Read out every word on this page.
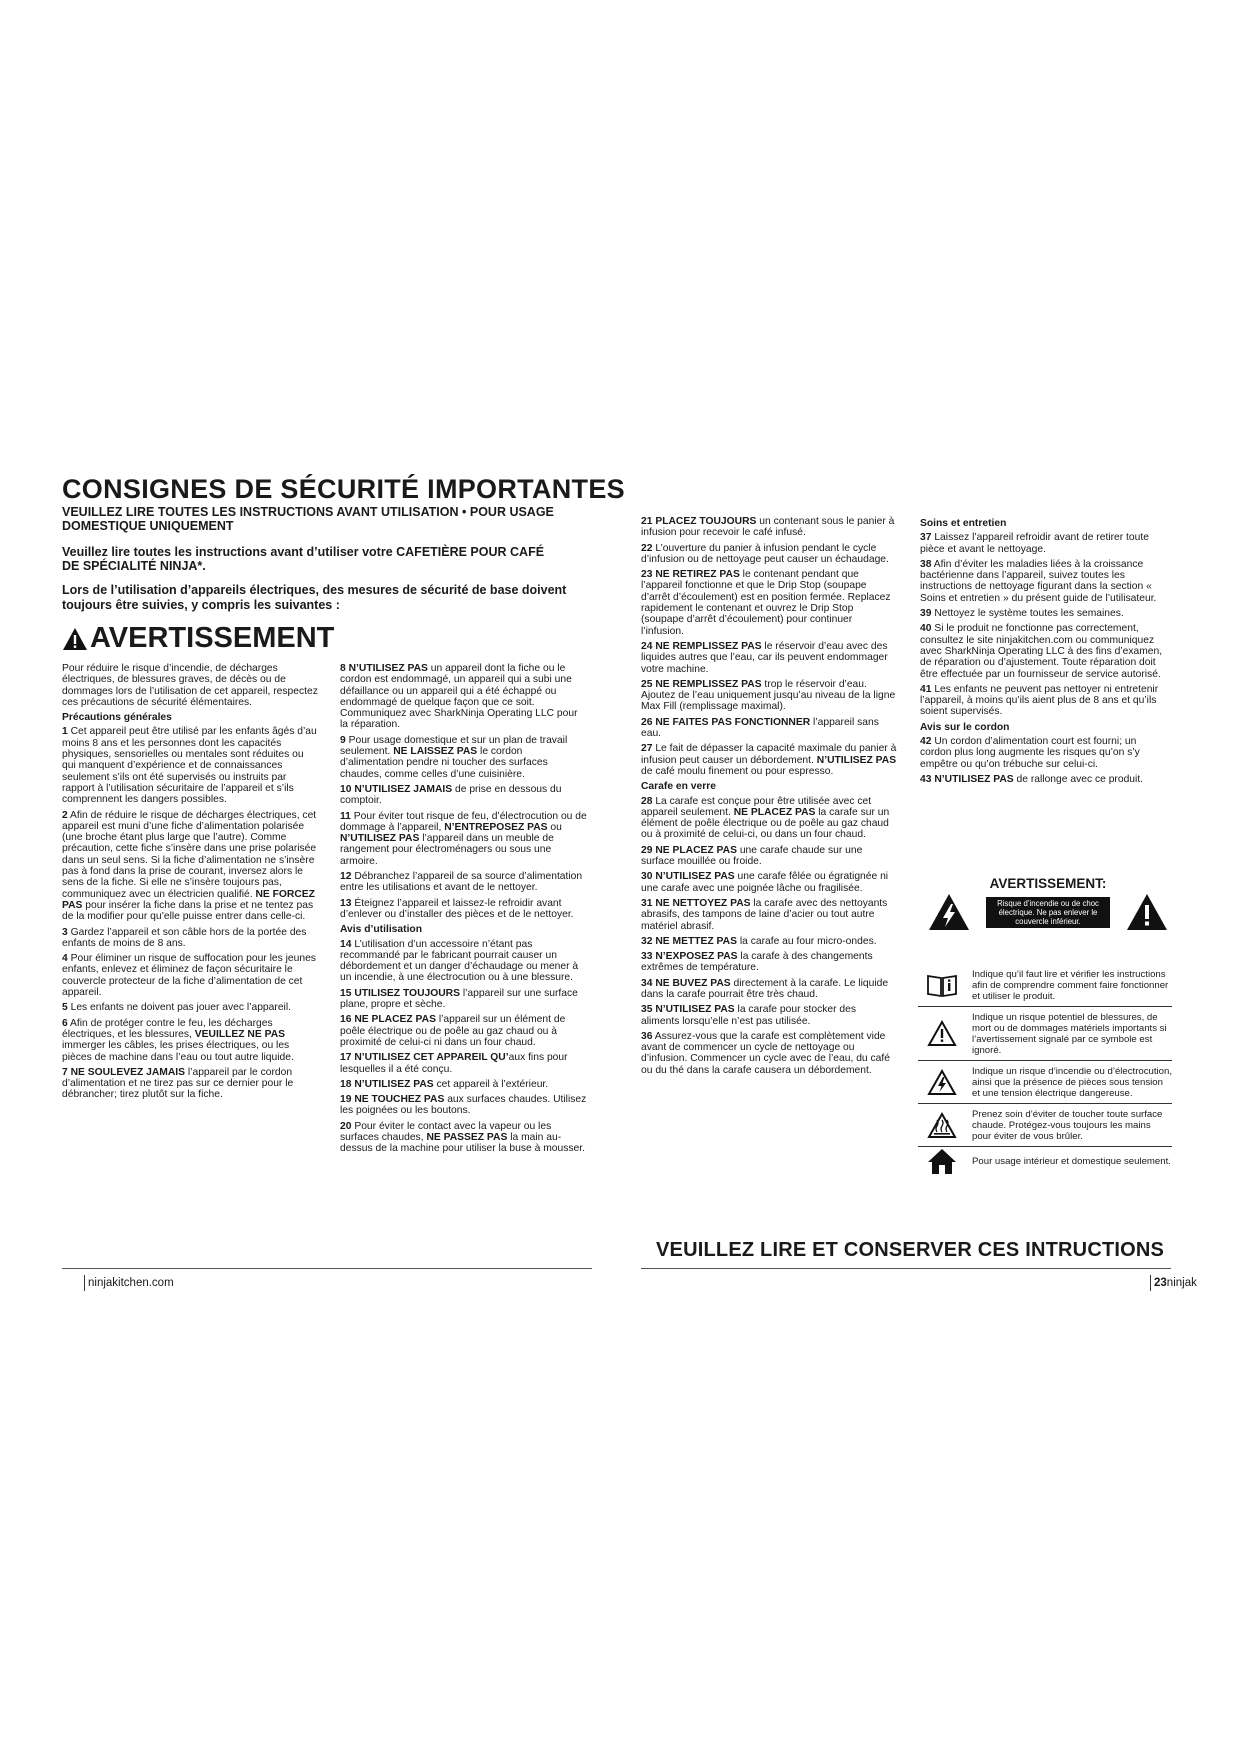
CONSIGNES DE SÉCURITÉ IMPORTANTES

VEUILLEZ LIRE TOUTES LES INSTRUCTIONS AVANT UTILISATION • POUR USAGE DOMESTIQUE UNIQUEMENT

Veuillez lire toutes les instructions avant d’utiliser votre CAFETIÈRE POUR CAFÉ DE SPÉCIALITÉ NINJA*.

Lors de l’utilisation d’appareils électriques, des mesures de sécurité de base doivent toujours être suivies, y compris les suivantes :

AVERTISSEMENT

Pour réduire le risque d’incendie, de décharges électriques, de blessures graves, de décès ou de dommages lors de l’utilisation de cet appareil, respectez ces précautions de sécurité élémentaires.

Précautions générales

1 Cet appareil peut être utilisé par les enfants âgés d’au moins 8 ans et les personnes dont les capacités physiques, sensorielles ou mentales sont réduites ou qui manquent d’expérience et de connaissances seulement s’ils ont été supervisés ou instruits par rapport à l’utilisation sécuritaire de l’appareil et s’ils comprennent les dangers possibles.

2 Afin de réduire le risque de décharges électriques, cet appareil est muni d’une fiche d’alimentation polarisée (une broche étant plus large que l’autre). Comme précaution, cette fiche s’insère dans une prise polarisée dans un seul sens. Si la fiche d’alimentation ne s’insère pas à fond dans la prise de courant, inversez alors le sens de la fiche. Si elle ne s’insère toujours pas, communiquez avec un électricien qualifié. NE FORCEZ PAS pour insérer la fiche dans la prise et ne tentez pas de la modifier pour qu’elle puisse entrer dans celle-ci.

3 Gardez l’appareil et son câble hors de la portée des enfants de moins de 8 ans.

4 Pour éliminer un risque de suffocation pour les jeunes enfants, enlevez et éliminez de façon sécuritaire le couvercle protecteur de la fiche d’alimentation de cet appareil.

5 Les enfants ne doivent pas jouer avec l’appareil.

6 Afin de protéger contre le feu, les décharges électriques, et les blessures, VEUILLEZ NE PAS immerger les câbles, les prises électriques, ou les pièces de machine dans l’eau ou tout autre liquide.

7 NE SOULEVEZ JAMAIS l’appareil par le cordon d’alimentation et ne tirez pas sur ce dernier pour le débrancher; tirez plutôt sur la fiche.

8 N’UTILISEZ PAS un appareil dont la fiche ou le cordon est endommagé, un appareil qui a subi une défaillance ou un appareil qui a été échappé ou endommagé de quelque façon que ce soit. Communiquez avec SharkNinja Operating LLC pour la réparation.

9 Pour usage domestique et sur un plan de travail seulement. NE LAISSEZ PAS le cordon d’alimentation pendre ni toucher des surfaces chaudes, comme celles d’une cuisinière.

10 N’UTILISEZ JAMAIS de prise en dessous du comptoir.

11 Pour éviter tout risque de feu, d’électrocution ou de dommage à l’appareil, N’ENTREPOSEZ PAS ou N’UTILISEZ PAS l’appareil dans un meuble de rangement pour électroménagers ou sous une armoire.

12 Débranchez l’appareil de sa source d’alimentation entre les utilisations et avant de le nettoyer.

13 Éteignez l’appareil et laissez-le refroidir avant d’enlever ou d’installer des pièces et de le nettoyer.

Avis d’utilisation

14 L’utilisation d’un accessoire n’étant pas recommandé par le fabricant pourrait causer un débordement et un danger d’échaudage ou mener à un incendie, à une électrocution ou à une blessure.

15 UTILISEZ TOUJOURS l’appareil sur une surface plane, propre et sèche.

16 NE PLACEZ PAS l’appareil sur un élément de poêle électrique ou de poêle au gaz chaud ou à proximité de celui-ci ni dans un four chaud.

17 N’UTILISEZ CET APPAREIL QU’aux fins pour lesquelles il a été conçu.

18 N’UTILISEZ PAS cet appareil à l’extérieur.

19 NE TOUCHEZ PAS aux surfaces chaudes. Utilisez les poignées ou les boutons.

20 Pour éviter le contact avec la vapeur ou les surfaces chaudes, NE PASSEZ PAS la main au-dessus de la machine pour utiliser la buse à mousser.

21 PLACEZ TOUJOURS un contenant sous le panier à infusion pour recevoir le café infusé.

22 L’ouverture du panier à infusion pendant le cycle d’infusion ou de nettoyage peut causer un échaudage.

23 NE RETIREZ PAS le contenant pendant que l’appareil fonctionne et que le Drip Stop (soupape d’arrêt d’écoulement) est en position fermée. Replacez rapidement le contenant et ouvrez le Drip Stop (soupape d’arrêt d’écoulement) pour continuer l’infusion.

24 NE REMPLISSEZ PAS le réservoir d’eau avec des liquides autres que l’eau, car ils peuvent endommager votre machine.

25 NE REMPLISSEZ PAS trop le réservoir d’eau. Ajoutez de l’eau uniquement jusqu’au niveau de la ligne Max Fill (remplissage maximal).

26 NE FAITES PAS FONCTIONNER l’appareil sans eau.

27 Le fait de dépasser la capacité maximale du panier à infusion peut causer un débordement. N’UTILISEZ PAS de café moulu finement ou pour espresso.

Carafe en verre

28 La carafe est conçue pour être utilisée avec cet appareil seulement. NE PLACEZ PAS la carafe sur un élément de poêle électrique ou de poêle au gaz chaud ou à proximité de celui-ci, ou dans un four chaud.

29 NE PLACEZ PAS une carafe chaude sur une surface mouillée ou froide.

30 N’UTILISEZ PAS une carafe fêlée ou égratignée ni une carafe avec une poignée lâche ou fragilisée.

31 NE NETTOYEZ PAS la carafe avec des nettoyants abrasifs, des tampons de laine d’acier ou tout autre matériel abrasif.

32 NE METTEZ PAS la carafe au four micro-ondes.

33 N’EXPOSEZ PAS la carafe à des changements extrêmes de température.

34 NE BUVEZ PAS directement à la carafe. Le liquide dans la carafe pourrait être très chaud.

35 N’UTILISEZ PAS la carafe pour stocker des aliments lorsqu’elle n’est pas utilisée.

36 Assurez-vous que la carafe est complètement vide avant de commencer un cycle de nettoyage ou d’infusion. Commencer un cycle avec de l’eau, du café ou du thé dans la carafe causera un débordement.

Soins et entretien

37 Laissez l’appareil refroidir avant de retirer toute pièce et avant le nettoyage.

38 Afin d’éviter les maladies liées à la croissance bactérienne dans l’appareil, suivez toutes les instructions de nettoyage figurant dans la section « Soins et entretien » du présent guide de l’utilisateur.

39 Nettoyez le système toutes les semaines.

40 Si le produit ne fonctionne pas correctement, consultez le site ninjakitchen.com ou communiquez avec SharkNinja Operating LLC à des fins d’examen, de réparation ou d’ajustement. Toute réparation doit être effectuée par un fournisseur de service autorisé.

41 Les enfants ne peuvent pas nettoyer ni entretenir l’appareil, à moins qu’ils aient plus de 8 ans et qu’ils soient supervisés.

Avis sur le cordon

42 Un cordon d’alimentation court est fourni; un cordon plus long augmente les risques qu’on s’y empêtre ou qu’on trébuche sur celui-ci.

43 N’UTILISEZ PAS de rallonge avec ce produit.

AVERTISSEMENT:

Risque d’incendie ou de choc électrique. Ne pas enlever le couvercle inférieur.
Indique qu’il faut lire et vérifier les instructions afin de comprendre comment faire fonctionner et utiliser le produit.
Indique un risque potentiel de blessures, de mort ou de dommages matériels importants si l’avertissement signalé par ce symbole est ignoré.
Indique un risque d’incendie ou d’électrocution, ainsi que la présence de pièces sous tension et une tension électrique dangereuse.
Prenez soin d’éviter de toucher toute surface chaude. Protégez-vous toujours les mains pour éviter de vous brûler.
Pour usage intérieur et domestique seulement.

VEUILLEZ LIRE ET CONSERVER CES INTRUCTIONS

ninjakitchen.com	23ninjak
